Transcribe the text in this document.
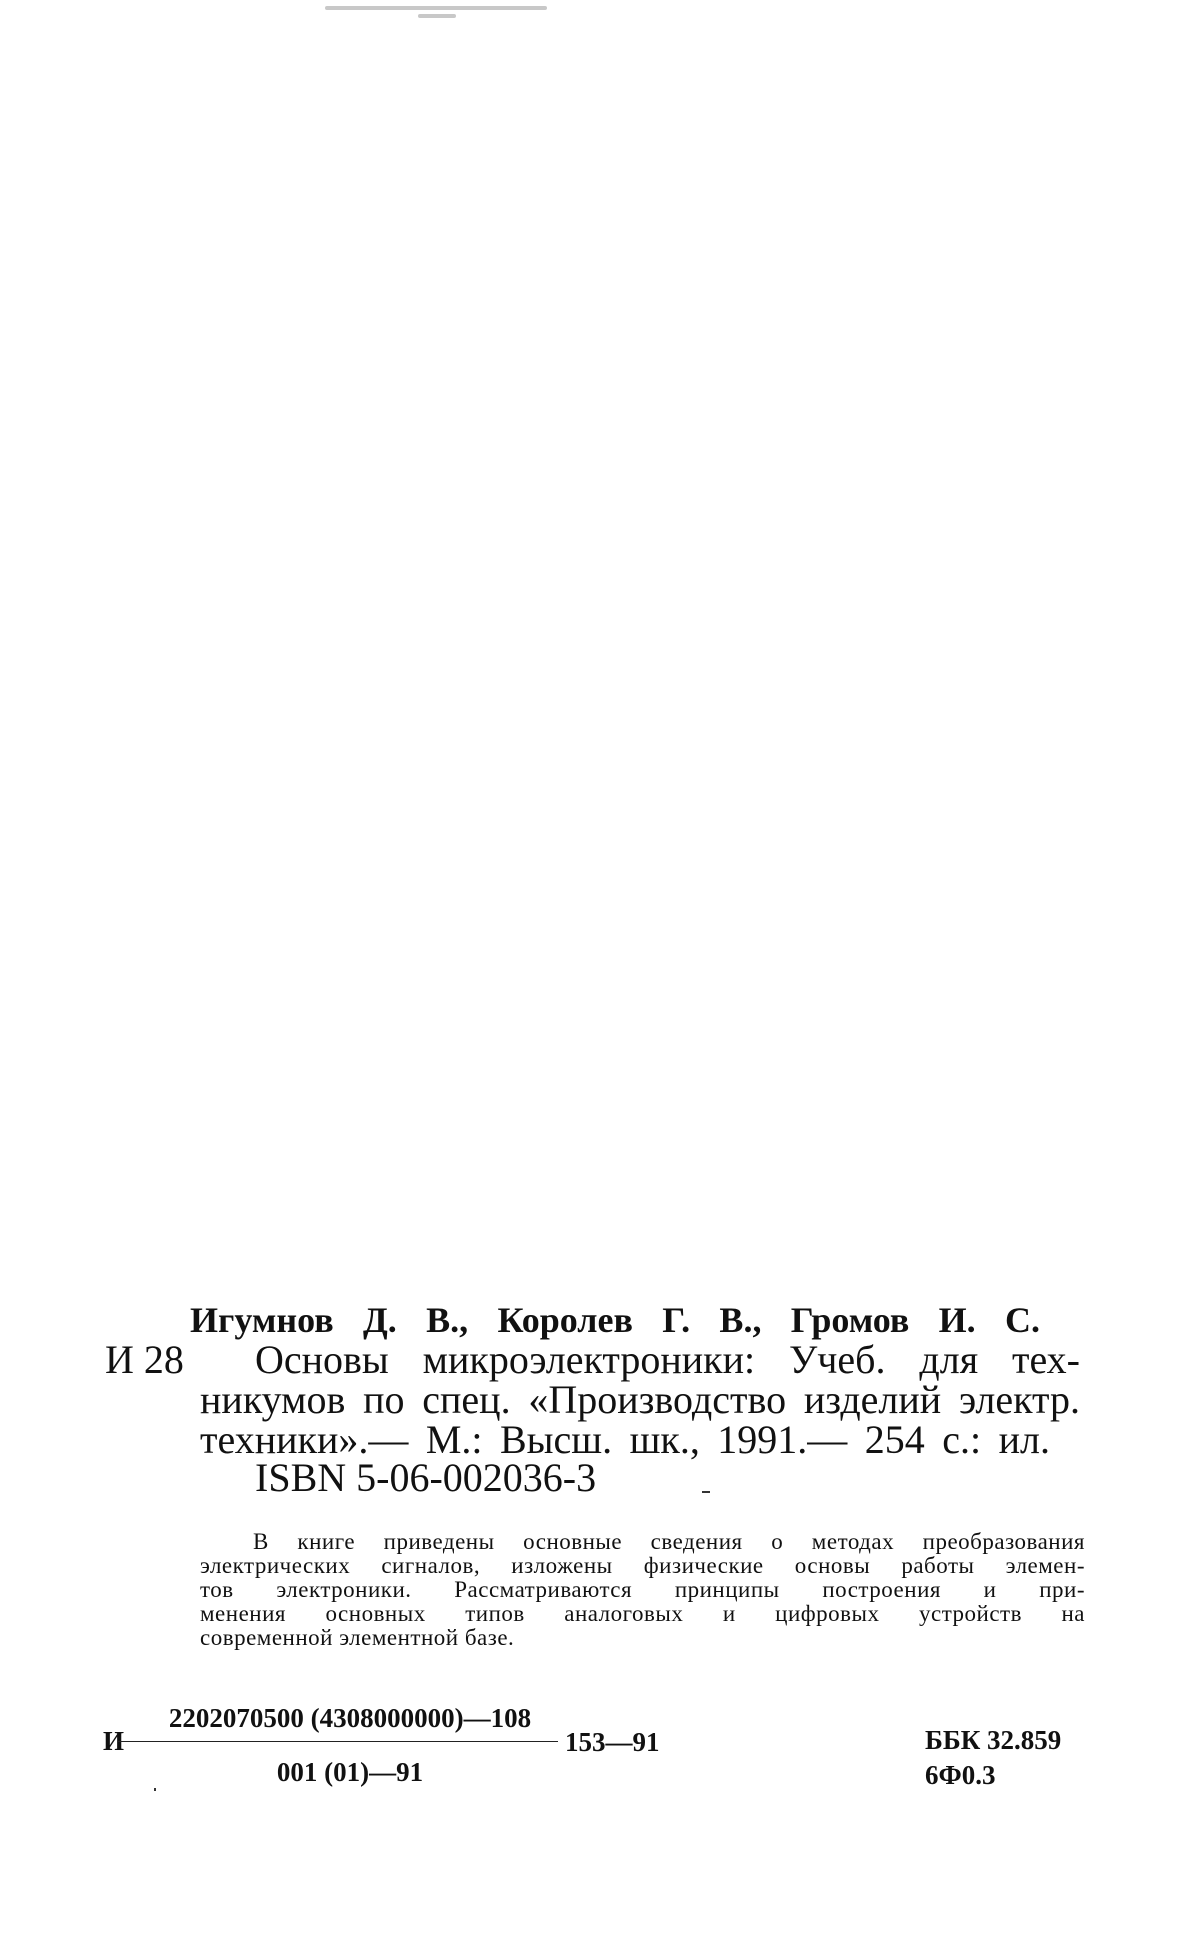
Игумнов Д. В., Королев Г. В., Громов И. С.
И 28 Основы микроэлектроники: Учеб. для тех-
никумов по спец. «Производство изделий электр.
техники».— М.: Высш. шк., 1991.— 254 с.: ил.
ISBN 5-06-002036-3
В книге приведены основные сведения о методах преобразования
электрических сигналов, изложены физические основы работы элемен-
тов электроники. Рассматриваются принципы построения и при-
менения основных типов аналоговых и цифровых устройств на
современной элементной базе.
И
2202070500 (4308000000)—108
001 (01)—91
153—91	ББК 32.859
6Ф0.3
